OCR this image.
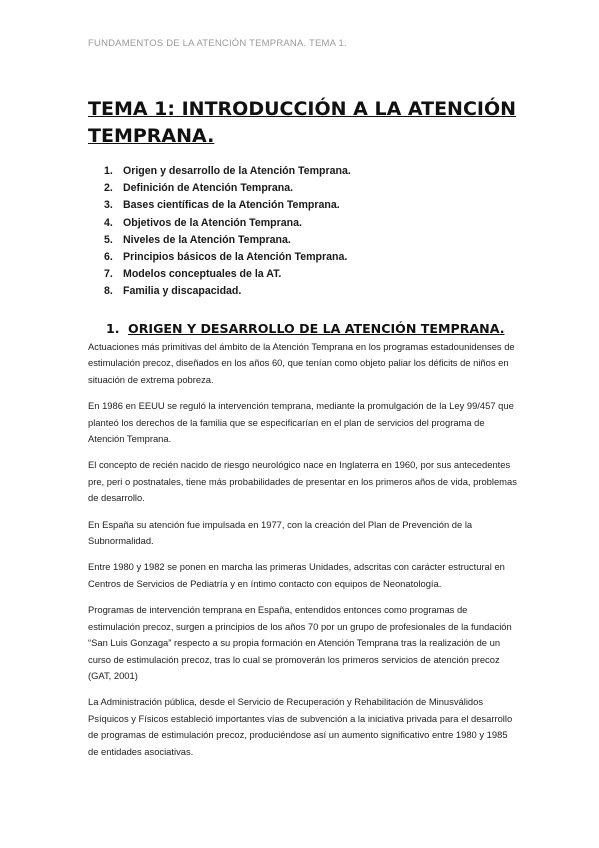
FUNDAMENTOS DE LA ATENCIÓN TEMPRANA. TEMA 1.
TEMA 1: INTRODUCCIÓN A LA ATENCIÓN TEMPRANA.
1. Origen y desarrollo de la Atención Temprana.
2. Definición de Atención Temprana.
3. Bases científicas de la Atención Temprana.
4. Objetivos de la Atención Temprana.
5. Niveles de la Atención Temprana.
6. Principios básicos de la Atención Temprana.
7. Modelos conceptuales de la AT.
8. Familia y discapacidad.
1. ORIGEN Y DESARROLLO DE LA ATENCIÓN TEMPRANA.

Actuaciones más primitivas del ámbito de la Atención Temprana en los programas estadounidenses de estimulación precoz, diseñados en los años 60, que tenían como objeto paliar los déficits de niños en situación de extrema pobreza.

En 1986 en EEUU se reguló la intervención temprana, mediante la promulgación de la Ley 99/457 que planteó los derechos de la familia que se especificarían en el plan de servicios del programa de Atención Temprana.

El concepto de recién nacido de riesgo neurológico nace en Inglaterra en 1960, por sus antecedentes pre, peri o postnatales, tiene más probabilidades de presentar en los primeros años de vida, problemas de desarrollo.

En España su atención fue impulsada en 1977, con la creación del Plan de Prevención de la Subnormalidad.

Entre 1980 y 1982 se ponen en marcha las primeras Unidades, adscritas con carácter estructural en Centros de Servicios de Pediatría y en íntimo contacto con equipos de Neonatología.

Programas de intervención temprana en España, entendidos entonces como programas de estimulación precoz, surgen a principios de los años 70 por un grupo de profesionales de la fundación “San Luis Gonzaga” respecto a su propia formación en Atención Temprana tras la realización de un curso de estimulación precoz, tras lo cual se promoverán los primeros servicios de atención precoz (GAT, 2001)

La Administración pública, desde el Servicio de Recuperación y Rehabilitación de Minusválidos Psíquicos y Físicos estableció importantes vías de subvención a la iniciativa privada para el desarrollo de programas de estimulación precoz, produciéndose así un aumento significativo entre 1980 y 1985 de entidades asociativas.
